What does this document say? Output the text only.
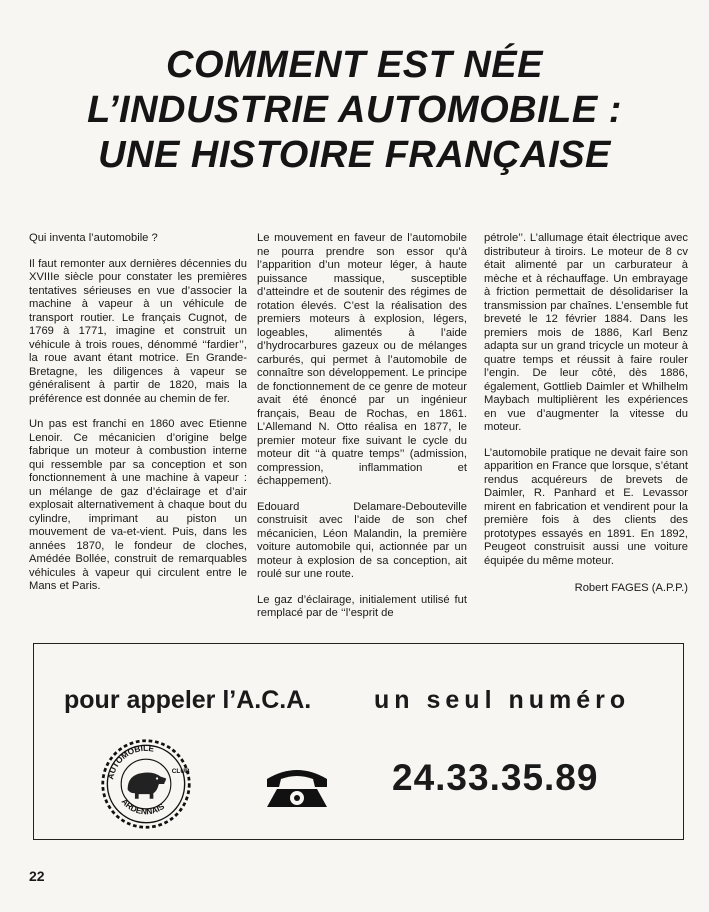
COMMENT EST NÉE
L’INDUSTRIE AUTOMOBILE :
UNE HISTOIRE FRANÇAISE

Qui inventa l’automobile ?

Il faut remonter aux dernières décennies du XVIIIe siècle pour constater les premières tentatives sérieuses en vue d’associer la machine à vapeur à un véhicule de transport routier. Le français Cugnot, de 1769 à 1771, imagine et construit un véhicule à trois roues, dénommé ‘‘fardier’’, la roue avant étant motrice. En Grande-Bretagne, les diligences à vapeur se généralisent à partir de 1820, mais la préférence est donnée au chemin de fer.

Un pas est franchi en 1860 avec Etienne Lenoir. Ce mécanicien d’origine belge fabrique un moteur à combustion interne qui ressemble par sa conception et son fonctionnement à une machine à vapeur : un mélange de gaz d’éclairage et d’air explosait alternativement à chaque bout du cylindre, imprimant au piston un mouvement de va-et-vient. Puis, dans les années 1870, le fondeur de cloches, Amédée Bollée, construit de remarquables véhicules à vapeur qui circulent entre le Mans et Paris.

Le mouvement en faveur de l’automobile ne pourra prendre son essor qu’à l’apparition d’un moteur léger, à haute puissance massique, susceptible d’atteindre et de soutenir des régimes de rotation élevés. C’est la réalisation des premiers moteurs à explosion, légers, logeables, alimentés à l’aide d’hydrocarbures gazeux ou de mélanges carburés, qui permet à l’automobile de connaître son développement. Le principe de fonctionnement de ce genre de moteur avait été énoncé par un ingénieur français, Beau de Rochas, en 1861. L’Allemand N. Otto réalisa en 1877, le premier moteur fixe suivant le cycle du moteur dit ‘‘à quatre temps’’ (admission, compression, inflammation et échappement).

Edouard Delamare-Debouteville construisit avec l’aide de son chef mécanicien, Léon Malandin, la première voiture automobile qui, actionnée par un moteur à explosion de sa conception, ait roulé sur une route.

Le gaz d’éclairage, initialement utilisé fut remplacé par de ‘‘l’esprit de

pétrole’’. L’allumage était électrique avec distributeur à tiroirs. Le moteur de 8 cv était alimenté par un carburateur à mèche et à réchauffage. Un embrayage à friction permettait de désolidariser la transmission par chaînes. L’ensemble fut breveté le 12 février 1884. Dans les premiers mois de 1886, Karl Benz adapta sur un grand tricycle un moteur à quatre temps et réussit à faire rouler l’engin. De leur côté, dès 1886, également, Gottlieb Daimler et Whilhelm Maybach multiplièrent les expériences en vue d’augmenter la vitesse du moteur.

L’automobile pratique ne devait faire son apparition en France que lorsque, s’étant rendus acquéreurs de brevets de Daimler, R. Panhard et E. Levassor mirent en fabrication et vendirent pour la première fois à des clients des prototypes essayés en 1891. En 1892, Peugeot construisit aussi une voiture équipée du même moteur.

Robert FAGES (A.P.P.)

pour appeler l’A.C.A.	un seul numéro
AUTOMOBILE
CLUB
ARDENNAIS
24.33.35.89
22
